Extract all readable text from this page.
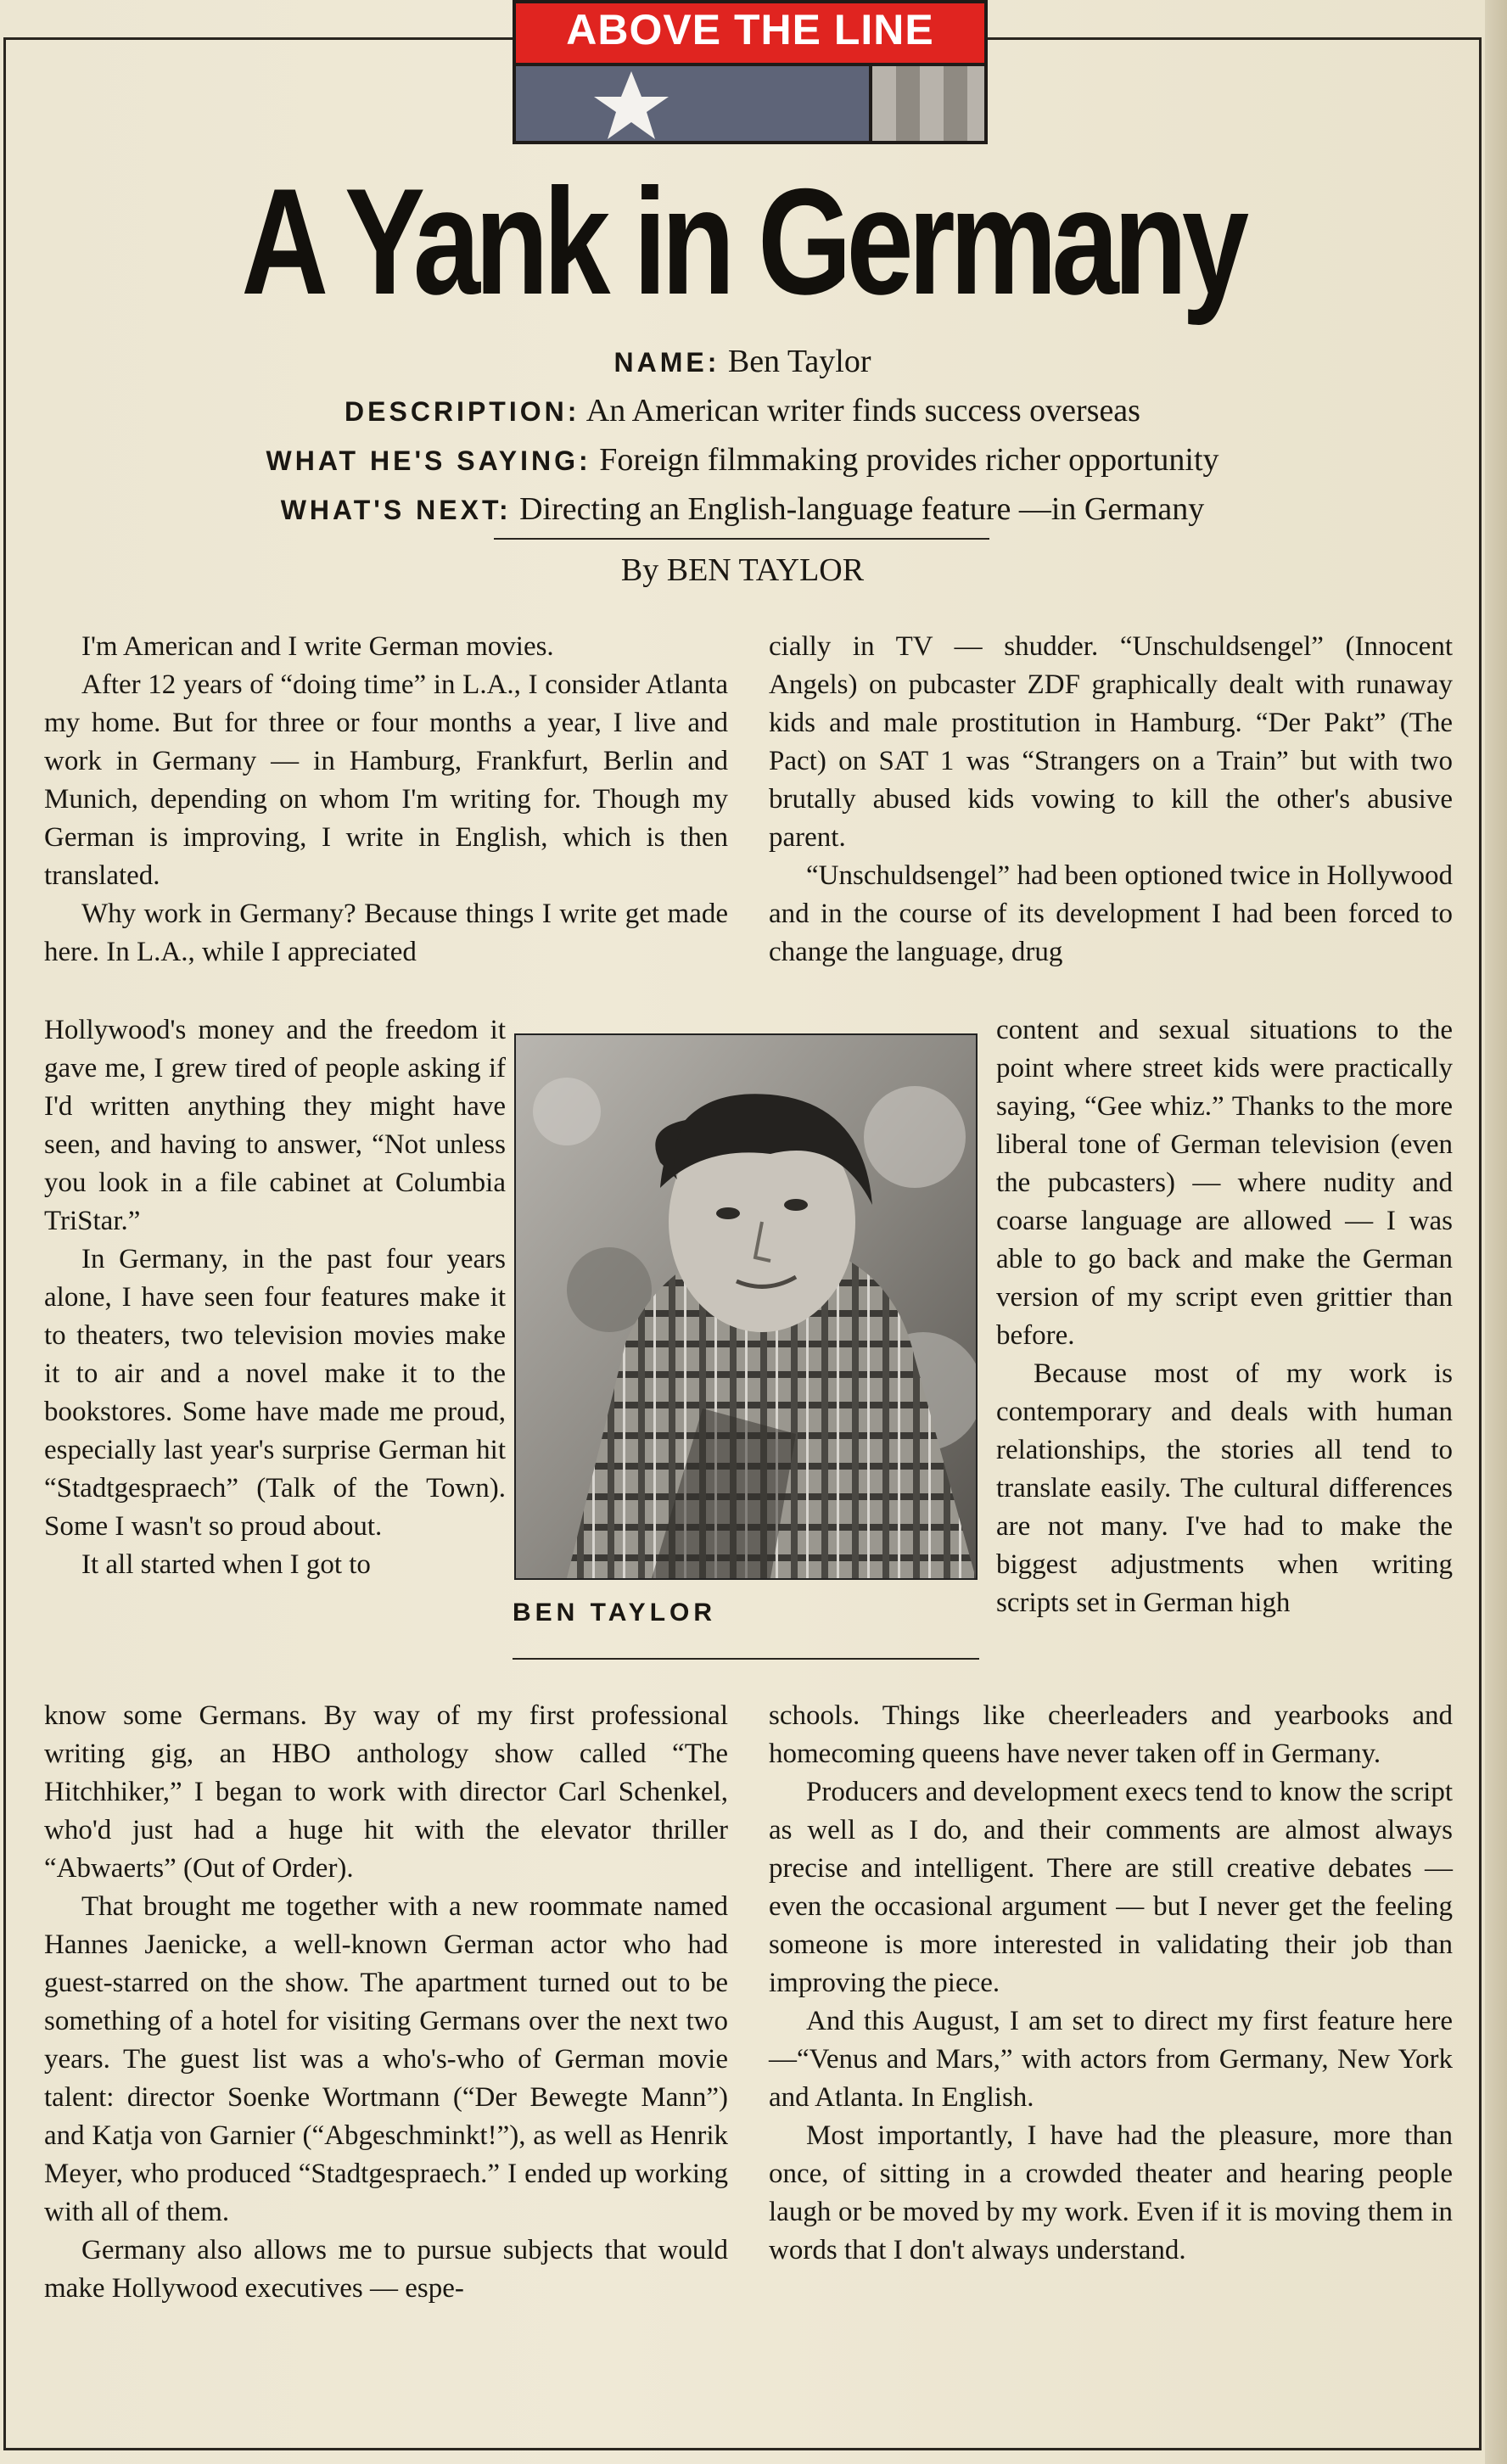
ABOVE THE LINE
A Yank in Germany
NAME: Ben Taylor
DESCRIPTION: An American writer finds success overseas
WHAT HE'S SAYING: Foreign filmmaking provides richer opportunity
WHAT'S NEXT: Directing an English-language feature —in Germany
By BEN TAYLOR

I'm American and I write German movies.

After 12 years of “doing time” in L.A., I consider Atlanta my home. But for three or four months a year, I live and work in Germany — in Hamburg, Frankfurt, Berlin and Munich, depending on whom I'm writing for. Though my German is improving, I write in English, which is then translated.

Why work in Germany? Because things I write get made here. In L.A., while I appreciated

Hollywood's money and the freedom it gave me, I grew tired of people asking if I'd written anything they might have seen, and having to answer, “Not unless you look in a file cabinet at Columbia TriStar.”

In Germany, in the past four years alone, I have seen four features make it to theaters, two television movies make it to air and a novel make it to the bookstores. Some have made me proud, especially last year's surprise German hit “Stadtgespraech” (Talk of the Town). Some I wasn't so proud about.

It all started when I got to

know some Germans. By way of my first professional writing gig, an HBO anthology show called “The Hitchhiker,” I began to work with director Carl Schenkel, who'd just had a huge hit with the elevator thriller “Abwaerts” (Out of Order).

That brought me together with a new roommate named Hannes Jaenicke, a well-known German actor who had guest-starred on the show. The apartment turned out to be something of a hotel for visiting Germans over the next two years. The guest list was a who's-who of German movie talent: director Soenke Wortmann (“Der Bewegte Mann”) and Katja von Garnier (“Abgeschminkt!”), as well as Henrik Meyer, who produced “Stadtgespraech.” I ended up working with all of them.

Germany also allows me to pursue subjects that would make Hollywood executives — espe-

BEN TAYLOR

cially in TV — shudder. “Unschuldsengel” (Innocent Angels) on pubcaster ZDF graphically dealt with runaway kids and male prostitution in Hamburg. “Der Pakt” (The Pact) on SAT 1 was “Strangers on a Train” but with two brutally abused kids vowing to kill the other's abusive parent.

“Unschuldsengel” had been optioned twice in Hollywood and in the course of its development I had been forced to change the language, drug

content and sexual situations to the point where street kids were practically saying, “Gee whiz.” Thanks to the more liberal tone of German television (even the pubcasters) — where nudity and coarse language are allowed — I was able to go back and make the German version of my script even grittier than before.

Because most of my work is contemporary and deals with human relationships, the stories all tend to translate easily. The cultural differences are not many. I've had to make the biggest adjustments when writing scripts set in German high

schools. Things like cheerleaders and yearbooks and homecoming queens have never taken off in Germany.

Producers and development execs tend to know the script as well as I do, and their comments are almost always precise and intelligent. There are still creative debates — even the occasional argument — but I never get the feeling someone is more interested in validating their job than improving the piece.

And this August, I am set to direct my first feature here —“Venus and Mars,” with actors from Germany, New York and Atlanta. In English.

Most importantly, I have had the pleasure, more than once, of sitting in a crowded theater and hearing people laugh or be moved by my work. Even if it is moving them in words that I don't always understand.
